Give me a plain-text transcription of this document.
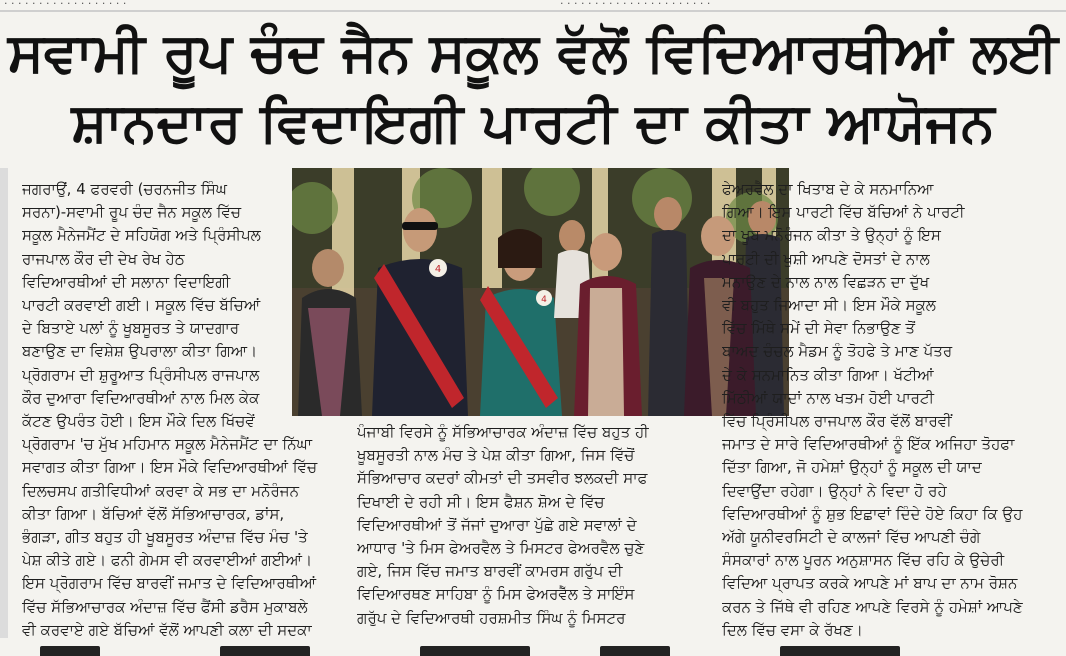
. . . . . . . . . . . . . . . . . .	. . . . . . . . . . . . . . . . . . . . . .
ਸਵਾਮੀ ਰੂਪ ਚੰਦ ਜੈਨ ਸਕੂਲ ਵੱਲੋਂ ਵਿਦਿਆਰਥੀਆਂ ਲਈ
ਸ਼ਾਨਦਾਰ ਵਿਦਾਇਗੀ ਪਾਰਟੀ ਦਾ ਕੀਤਾ ਆਯੋਜਨ

ਜਗਰਾਉਂ, 4 ਫਰਵਰੀ (ਚਰਨਜੀਤ ਸਿੰਘ

ਸਰਨਾ)-ਸਵਾਮੀ ਰੂਪ ਚੰਦ ਜੈਨ ਸਕੂਲ ਵਿੱਚ

ਸਕੂਲ ਮੈਨੇਜਮੈਂਟ ਦੇ ਸਹਿਯੋਗ ਅਤੇ ਪ੍ਰਿੰਸੀਪਲ

ਰਾਜਪਾਲ ਕੌਰ ਦੀ ਦੇਖ ਰੇਖ ਹੇਠ

ਵਿਦਿਆਰਥੀਆਂ ਦੀ ਸਲਾਨਾ ਵਿਦਾਇਗੀ

ਪਾਰਟੀ ਕਰਵਾਈ ਗਈ। ਸਕੂਲ ਵਿੱਚ ਬੱਚਿਆਂ

ਦੇ ਬਿਤਾਏ ਪਲਾਂ ਨੂੰ ਖੂਬਸੂਰਤ ਤੇ ਯਾਦਗਾਰ

ਬਣਾਉਣ ਦਾ ਵਿਸ਼ੇਸ਼ ਉਪਰਾਲਾ ਕੀਤਾ ਗਿਆ।

ਪ੍ਰੋਗਰਾਮ ਦੀ ਸ਼ੁਰੂਆਤ ਪ੍ਰਿੰਸੀਪਲ ਰਾਜਪਾਲ

ਕੌਰ ਦੁਆਰਾ ਵਿਦਿਆਰਥੀਆਂ ਨਾਲ ਮਿਲ ਕੇਕ

ਕੱਟਣ ਉਪਰੰਤ ਹੋਈ। ਇਸ ਮੌਕੇ ਦਿਲ ਖਿੱਚਵੇਂ

ਪ੍ਰੋਗਰਾਮ 'ਚ ਮੁੱਖ ਮਹਿਮਾਨ ਸਕੂਲ ਮੈਨੇਜਮੈਂਟ ਦਾ ਨਿੱਘਾ

ਸਵਾਗਤ ਕੀਤਾ ਗਿਆ। ਇਸ ਮੌਕੇ ਵਿਦਿਆਰਥੀਆਂ ਵਿੱਚ

ਦਿਲਚਸਪ ਗਤੀਵਿਧੀਆਂ ਕਰਵਾ ਕੇ ਸਭ ਦਾ ਮਨੋਰੰਜਨ

ਕੀਤਾ ਗਿਆ। ਬੱਚਿਆਂ ਵੱਲੋਂ ਸੱਭਿਆਚਾਰਕ, ਡਾਂਸ,

ਭੰਗੜਾ, ਗੀਤ ਬਹੁਤ ਹੀ ਖੂਬਸੂਰਤ ਅੰਦਾਜ਼ ਵਿੱਚ ਮੰਚ 'ਤੇ

ਪੇਸ਼ ਕੀਤੇ ਗਏ। ਫਨੀ ਗੇਮਸ ਵੀ ਕਰਵਾਈਆਂ ਗਈਆਂ।

ਇਸ ਪ੍ਰੋਗਰਾਮ ਵਿੱਚ ਬਾਰਵੀਂ ਜਮਾਤ ਦੇ ਵਿਦਿਆਰਥੀਆਂ

ਵਿੱਚ ਸੱਭਿਆਚਾਰਕ ਅੰਦਾਜ਼ ਵਿੱਚ ਫੈਂਸੀ ਡਰੈਸ ਮੁਕਾਬਲੇ

ਵੀ ਕਰਵਾਏ ਗਏ ਬੱਚਿਆਂ ਵੱਲੋਂ ਆਪਣੀ ਕਲਾ ਦੀ ਸਦਕਾ

4
4

ਪੰਜਾਬੀ ਵਿਰਸੇ ਨੂੰ ਸੱਭਿਆਚਾਰਕ ਅੰਦਾਜ਼ ਵਿੱਚ ਬਹੁਤ ਹੀ

ਖੂਬਸੂਰਤੀ ਨਾਲ ਮੰਚ ਤੇ ਪੇਸ਼ ਕੀਤਾ ਗਿਆ, ਜਿਸ ਵਿੱਚੋਂ

ਸੱਭਿਆਚਾਰ ਕਦਰਾਂ ਕੀਮਤਾਂ ਦੀ ਤਸਵੀਰ ਝਲਕਦੀ ਸਾਫ

ਦਿਖਾਈ ਦੇ ਰਹੀ ਸੀ। ਇਸ ਫੈਸ਼ਨ ਸ਼ੋਅ ਦੇ ਵਿੱਚ

ਵਿਦਿਆਰਥੀਆਂ ਤੋਂ ਜੱਜਾਂ ਦੁਆਰਾ ਪੁੱਛੇ ਗਏ ਸਵਾਲਾਂ ਦੇ

ਆਧਾਰ 'ਤੇ ਮਿਸ ਫੇਅਰਵੈਲ ਤੇ ਮਿਸਟਰ ਫੇਅਰਵੈਲ ਚੁਣੇ

ਗਏ, ਜਿਸ ਵਿੱਚ ਜਮਾਤ ਬਾਰਵੀਂ ਕਾਮਰਸ ਗਰੁੱਪ ਦੀ

ਵਿਦਿਆਰਥਣ ਸਾਹਿਬਾ ਨੂੰ ਮਿਸ ਫੇਅਰਵੈੱਲ ਤੇ ਸਾਇੰਸ

ਗਰੁੱਪ ਦੇ ਵਿਦਿਆਰਥੀ ਹਰਸ਼ਮੀਤ ਸਿੰਘ ਨੂੰ ਮਿਸਟਰ

ਫੇਅਰਵੈਲ ਦਾ ਖਿਤਾਬ ਦੇ ਕੇ ਸਨਮਾਨਿਆ

ਗਿਆ। ਇਸ ਪਾਰਟੀ ਵਿੱਚ ਬੱਚਿਆਂ ਨੇ ਪਾਰਟੀ

ਦਾ ਖੂਬ ਮਨੋਰੰਜਨ ਕੀਤਾ ਤੇ ਉਨ੍ਹਾਂ ਨੂੰ ਇਸ

ਪਾਰਟੀ ਦੀ ਖੁਸ਼ੀ ਆਪਣੇ ਦੋਸਤਾਂ ਦੇ ਨਾਲ

ਮਨਾਉਣ ਦੇ ਨਾਲ ਨਾਲ ਵਿਛੜਨ ਦਾ ਦੁੱਖ

ਵੀ ਬਹੁਤ ਜਿਆਦਾ ਸੀ। ਇਸ ਮੌਕੇ ਸਕੂਲ

ਵਿੱਚ ਮਿੱਥੇ ਸਮੇਂ ਦੀ ਸੇਵਾ ਨਿਭਾਉਣ ਤੋਂ

ਬਾਅਦ ਚੰਚਲ ਮੈਡਮ ਨੂੰ ਤੋਹਫੇ ਤੇ ਮਾਣ ਪੱਤਰ

ਦੇ ਕੇ ਸਨਮਾਨਿਤ ਕੀਤਾ ਗਿਆ। ਖੱਟੀਆਂ

ਮਿੱਠੀਆਂ ਯਾਦਾਂ ਨਾਲ ਖਤਮ ਹੋਈ ਪਾਰਟੀ

ਵਿੱਚ ਪ੍ਰਿੰਸੀਪਲ ਰਾਜਪਾਲ ਕੌਰ ਵੱਲੋਂ ਬਾਰਵੀਂ

ਜਮਾਤ ਦੇ ਸਾਰੇ ਵਿਦਿਆਰਥੀਆਂ ਨੂੰ ਇੱਕ ਅਜਿਹਾ ਤੋਹਫਾ

ਦਿੱਤਾ ਗਿਆ, ਜੋ ਹਮੇਸ਼ਾਂ ਉਨ੍ਹਾਂ ਨੂੰ ਸਕੂਲ ਦੀ ਯਾਦ

ਦਿਵਾਉਂਦਾ ਰਹੇਗਾ। ਉਨ੍ਹਾਂ ਨੇ ਵਿਦਾ ਹੋ ਰਹੇ

ਵਿਦਿਆਰਥੀਆਂ ਨੂੰ ਸ਼ੁਭ ਇਛਾਵਾਂ ਦਿੰਦੇ ਹੋਏ ਕਿਹਾ ਕਿ ਉਹ

ਅੱਗੇ ਯੂਨੀਵਰਸਿਟੀ ਦੇ ਕਾਲਜਾਂ ਵਿੱਚ ਆਪਣੀ ਚੰਗੇ

ਸੰਸਕਾਰਾਂ ਨਾਲ ਪੂਰਨ ਅਨੁਸ਼ਾਸਨ ਵਿੱਚ ਰਹਿ ਕੇ ਉਚੇਰੀ

ਵਿਦਿਆ ਪ੍ਰਾਪਤ ਕਰਕੇ ਆਪਣੇ ਮਾਂ ਬਾਪ ਦਾ ਨਾਮ ਰੋਸ਼ਨ

ਕਰਨ ਤੇ ਜਿੱਥੇ ਵੀ ਰਹਿਣ ਆਪਣੇ ਵਿਰਸੇ ਨੂੰ ਹਮੇਸ਼ਾਂ ਆਪਣੇ

ਦਿਲ ਵਿੱਚ ਵਸਾ ਕੇ ਰੱਖਣ।
